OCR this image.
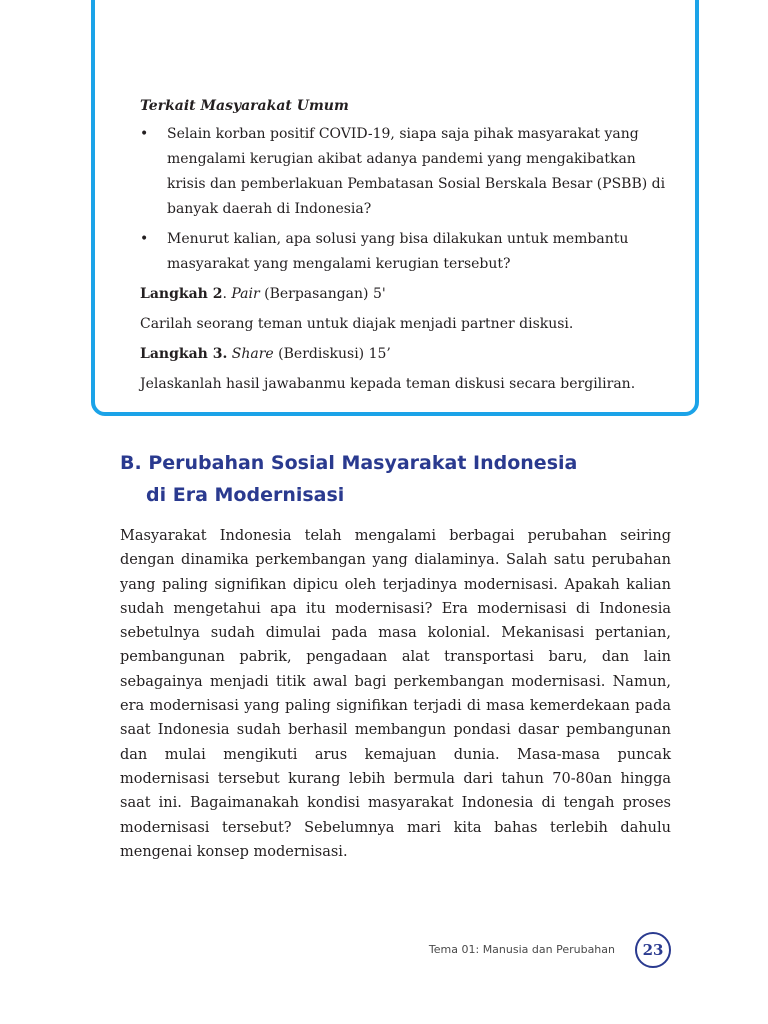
Terkait Masyarakat Umum

• Selain korban positif COVID-19, siapa saja pihak masyarakat yang mengalami kerugian akibat adanya pandemi yang mengakibatkan krisis dan pemberlakuan Pembatasan Sosial Berskala Besar (PSBB) di banyak daerah di Indonesia?
• Menurut kalian, apa solusi yang bisa dilakukan untuk membantu masyarakat yang mengalami kerugian tersebut?

Langkah 2. Pair (Berpasangan) 5'

Carilah seorang teman untuk diajak menjadi partner diskusi.

Langkah 3. Share (Berdiskusi) 15’

Jelaskanlah hasil jawabanmu kepada teman diskusi secara bergiliran.

B. Perubahan Sosial Masyarakat Indonesia
di Era Modernisasi

Masyarakat Indonesia telah mengalami berbagai perubahan seiring dengan dinamika perkembangan yang dialaminya. Salah satu perubahan yang paling signifikan dipicu oleh terjadinya modernisasi. Apakah kalian sudah mengetahui apa itu modernisasi? Era modernisasi di Indonesia sebetulnya sudah dimulai pada masa kolonial. Mekanisasi pertanian, pembangunan pabrik, pengadaan alat transportasi baru, dan lain sebagainya menjadi titik awal bagi perkembangan modernisasi. Namun, era modernisasi yang paling signifikan terjadi di masa kemerdekaan pada saat Indonesia sudah berhasil membangun pondasi dasar pembangunan dan mulai mengikuti arus kemajuan dunia. Masa-masa puncak modernisasi tersebut kurang lebih bermula dari tahun 70-80an hingga saat ini. Bagaimanakah kondisi masyarakat Indonesia di tengah proses modernisasi tersebut? Sebelumnya mari kita bahas terlebih dahulu mengenai konsep modernisasi.

Tema 01: Manusia dan Perubahan	23
